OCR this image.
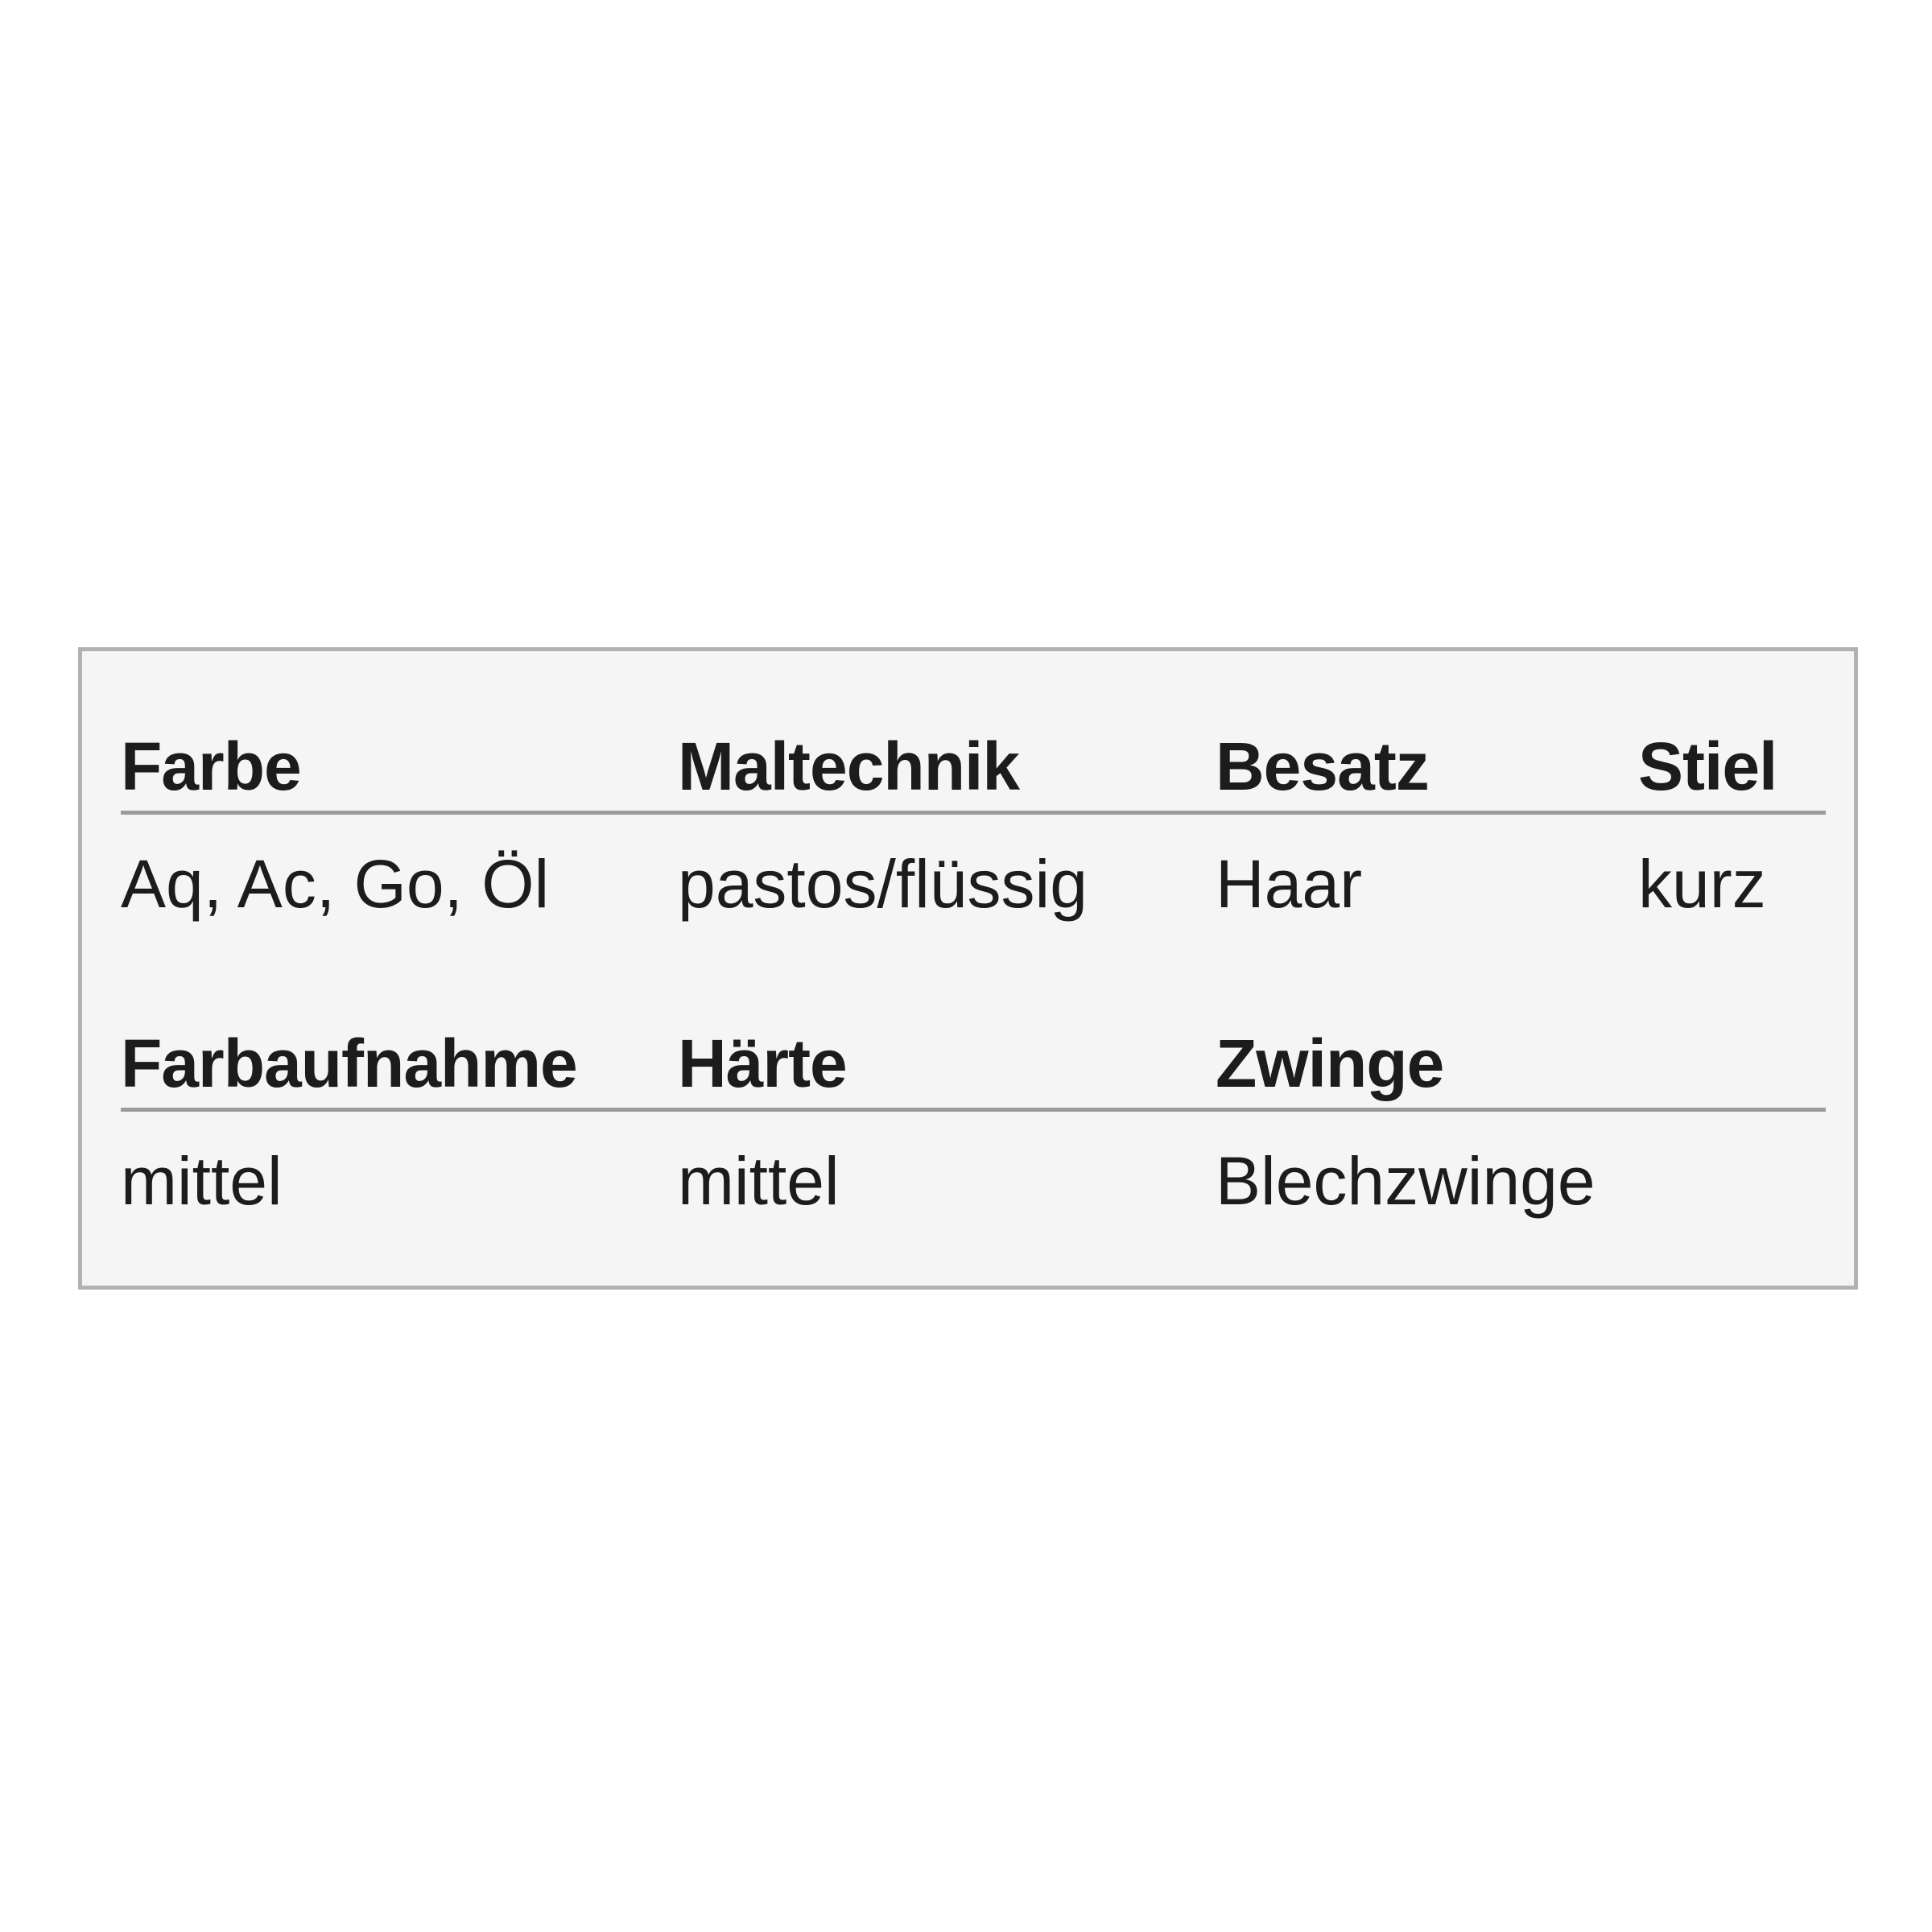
Farbe
Aq, Ac, Go, Öl
Maltechnik
pastos/flüssig
Besatz
Haar
Stiel
kurz
Farbaufnahme
mittel
Härte
mittel
Zwinge
Blechzwinge
